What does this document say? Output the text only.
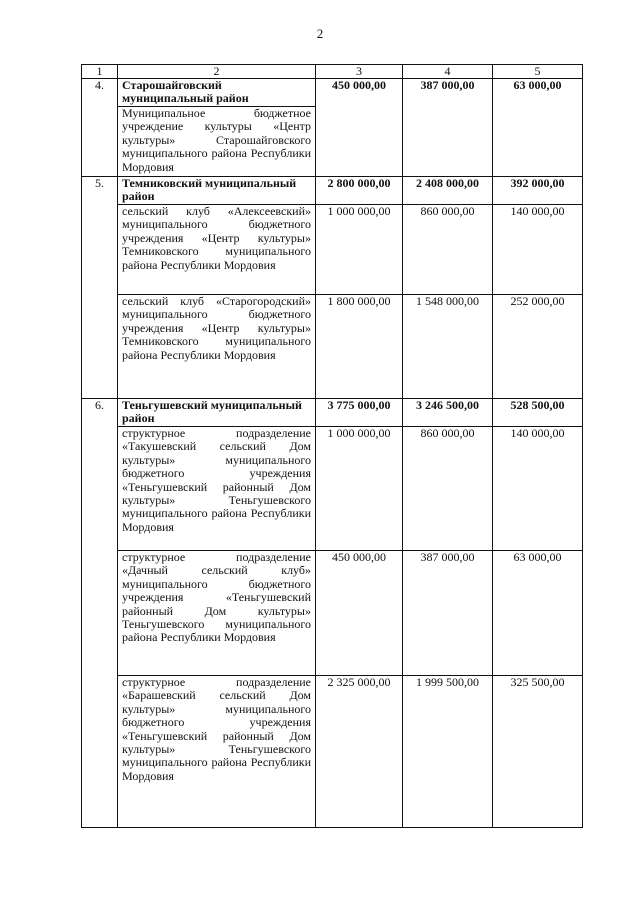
2
1	2	3	4	5
4.	Старошайговский муниципальный район	450 000,00	387 000,00	63 000,00
	Муниципальное бюджетное учреждение культуры «Центр культуры» Старошайговского муниципального района Республики Мордовия			
5.	Темниковский муниципальный район	2 800 000,00	2 408 000,00	392 000,00
	сельский клуб «Алексеевский» муниципального бюджетного учреждения «Центр культуры» Темниковского муниципального района Республики Мордовия	1 000 000,00	860 000,00	140 000,00
	сельский клуб «Старогородский» муниципального бюджетного учреждения «Центр культуры» Темниковского муниципального района Республики Мордовия	1 800 000,00	1 548 000,00	252 000,00
6.	Теньгушевский муниципальный район	3 775 000,00	3 246 500,00	528 500,00
	структурное подразделение «Такушевский сельский Дом культуры» муниципального бюджетного учреждения «Теньгушевский районный Дом культуры» Теньгушевского муниципального района Республики Мордовия	1 000 000,00	860 000,00	140 000,00
	структурное подразделение «Дачный сельский клуб» муниципального бюджетного учреждения «Теньгушевский районный Дом культуры» Теньгушевского муниципального района Республики Мордовия	450 000,00	387 000,00	63 000,00
	структурное подразделение «Барашевский сельский Дом культуры» муниципального бюджетного учреждения «Теньгушевский районный Дом культуры» Теньгушевского муниципального района Республики Мордовия	2 325 000,00	1 999 500,00	325 500,00
